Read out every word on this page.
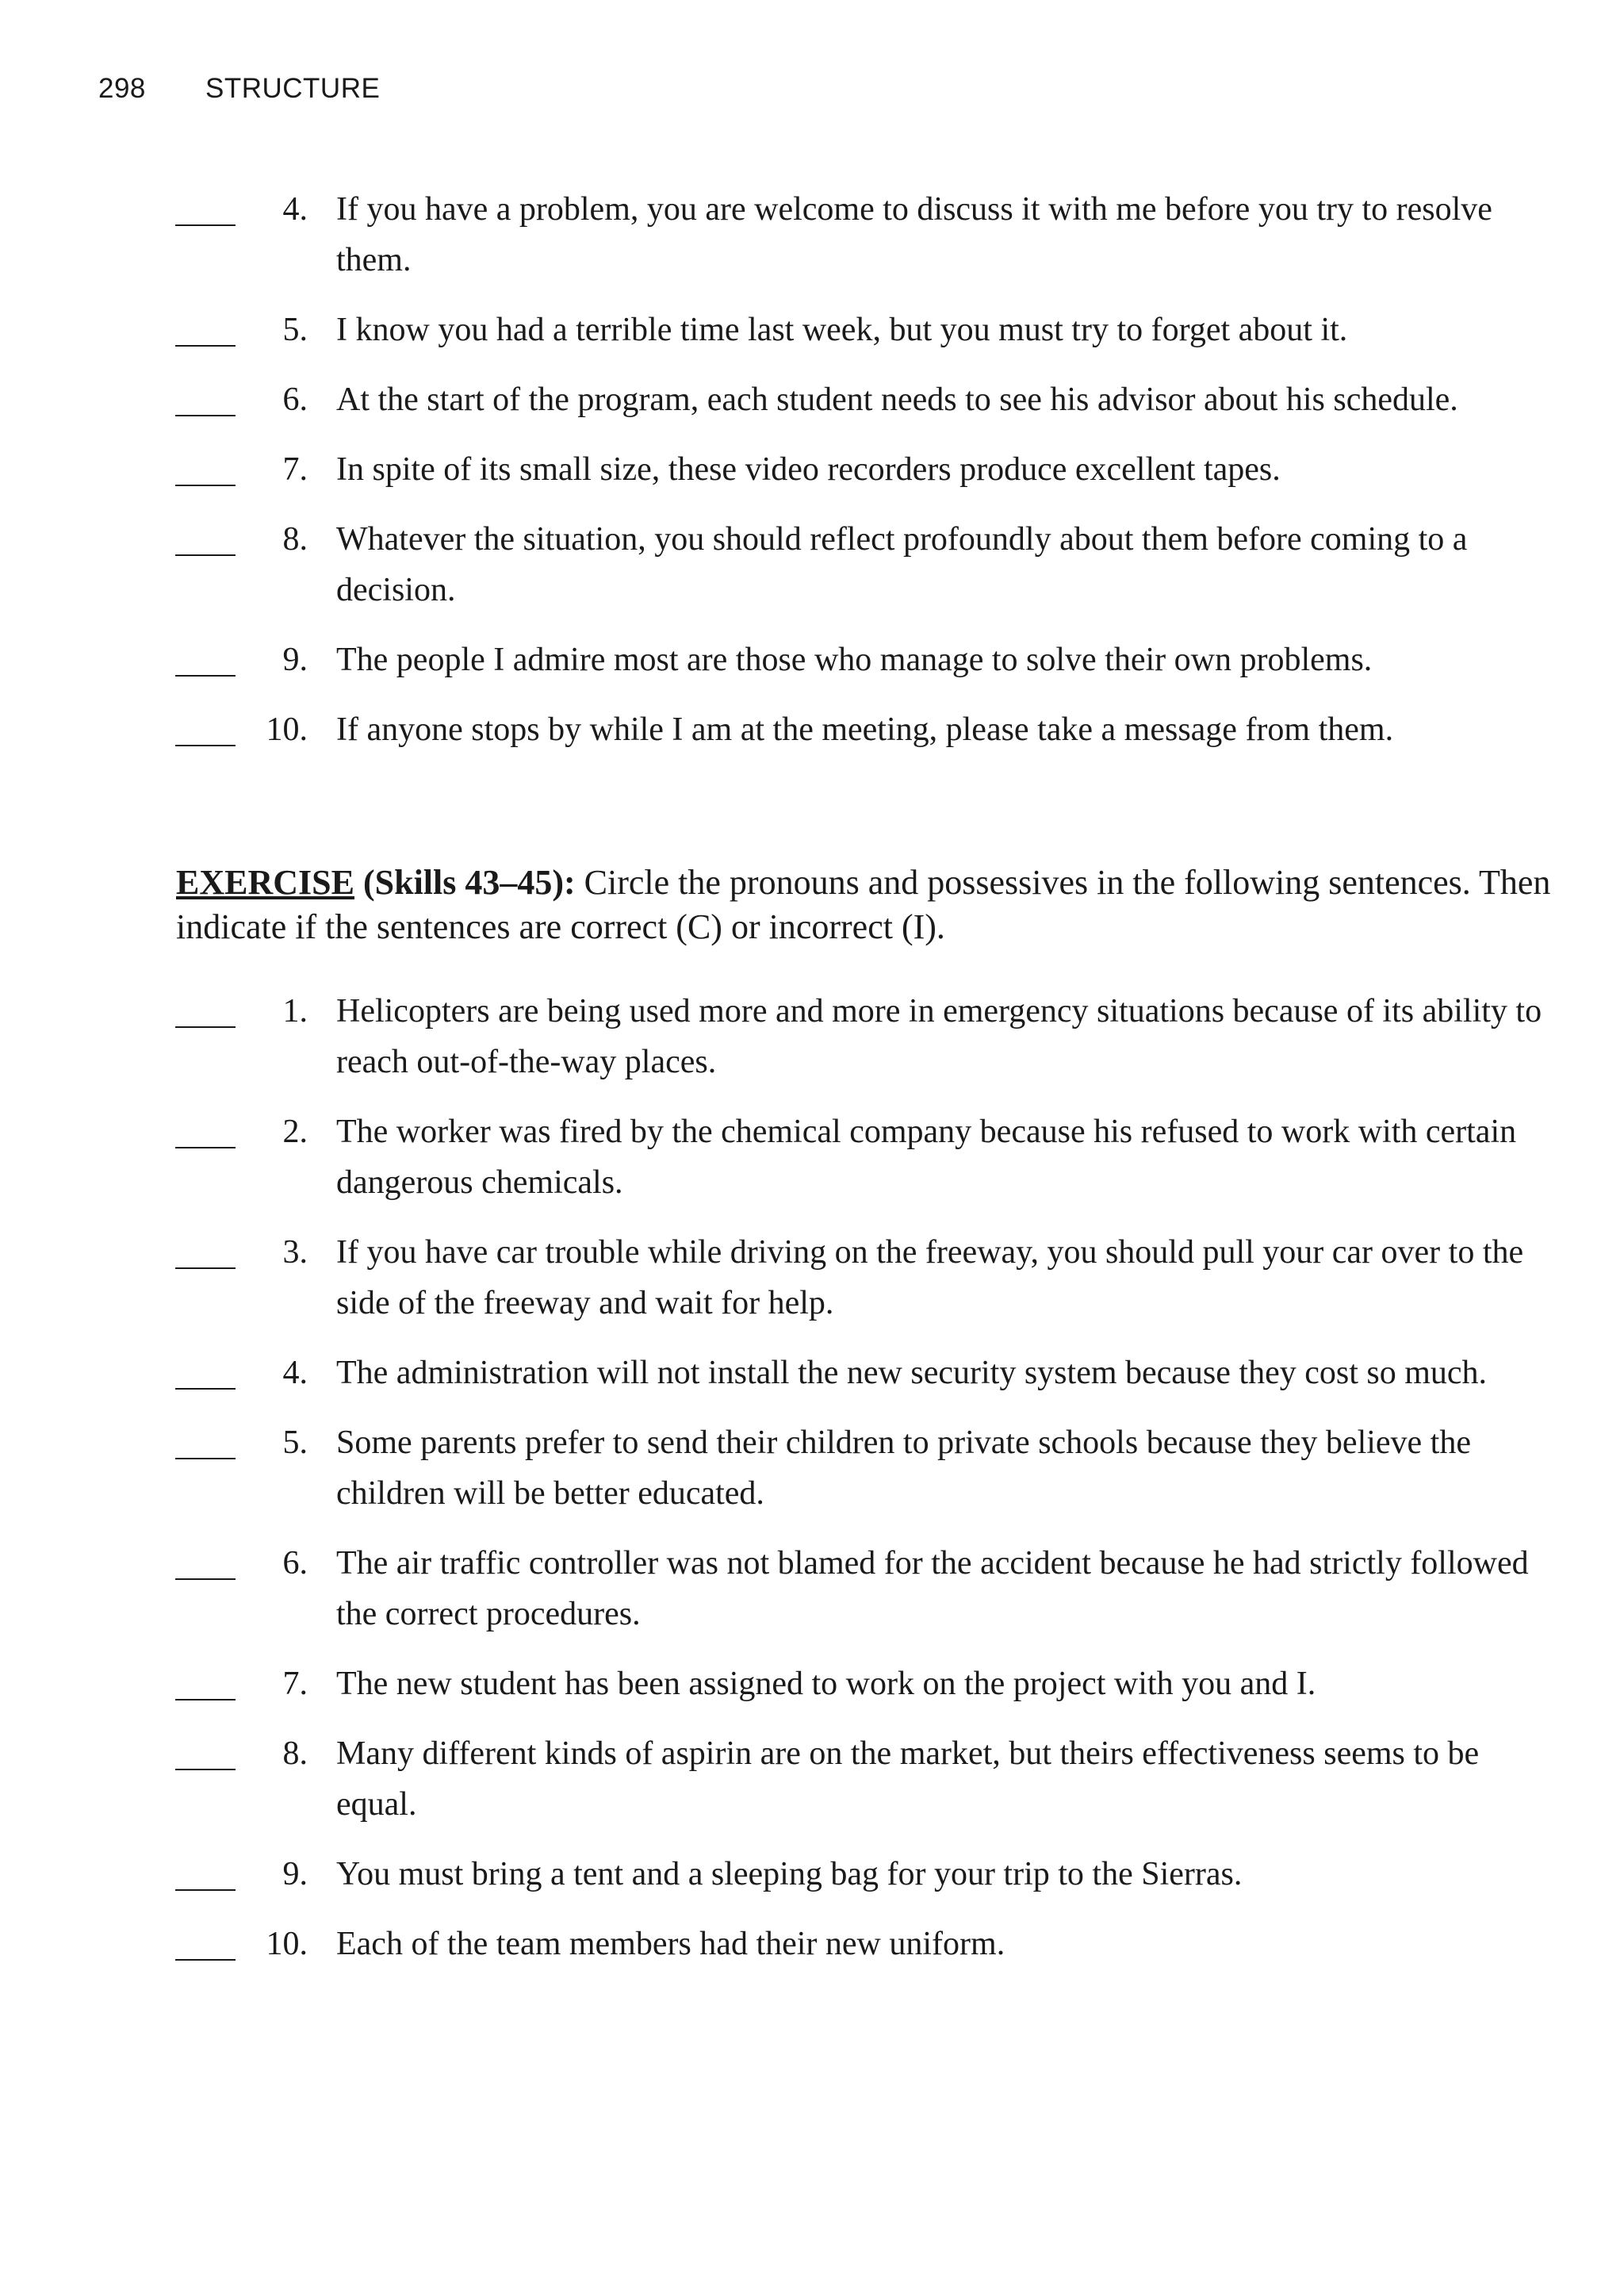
298 STRUCTURE
4. If you have a problem, you are welcome to discuss it with me before you try to resolve them.
5. I know you had a terrible time last week, but you must try to forget about it.
6. At the start of the program, each student needs to see his advisor about his schedule.
7. In spite of its small size, these video recorders produce excellent tapes.
8. Whatever the situation, you should reflect profoundly about them before coming to a decision.
9. The people I admire most are those who manage to solve their own problems.
10. If anyone stops by while I am at the meeting, please take a message from them.
EXERCISE (Skills 43–45): Circle the pronouns and possessives in the following sentences. Then indicate if the sentences are correct (C) or incorrect (I).
1. Helicopters are being used more and more in emergency situations because of its ability to reach out-of-the-way places.
2. The worker was fired by the chemical company because his refused to work with certain dangerous chemicals.
3. If you have car trouble while driving on the freeway, you should pull your car over to the side of the freeway and wait for help.
4. The administration will not install the new security system because they cost so much.
5. Some parents prefer to send their children to private schools because they believe the children will be better educated.
6. The air traffic controller was not blamed for the accident because he had strictly followed the correct procedures.
7. The new student has been assigned to work on the project with you and I.
8. Many different kinds of aspirin are on the market, but theirs effectiveness seems to be equal.
9. You must bring a tent and a sleeping bag for your trip to the Sierras.
10. Each of the team members had their new uniform.
